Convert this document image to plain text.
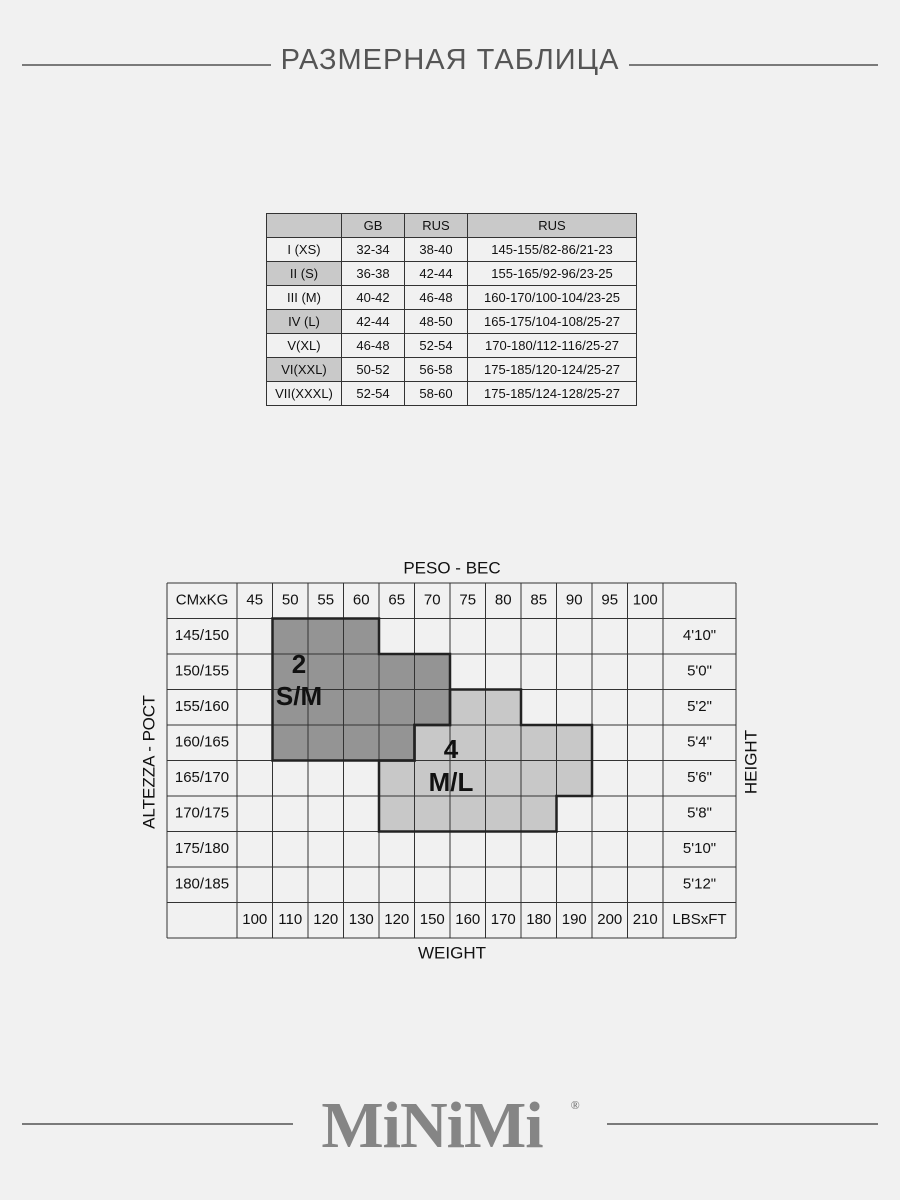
РАЗМЕРНАЯ ТАБЛИЦА
	GB	RUS	RUS
I (XS)	32-34	38-40	145-155/82-86/21-23
II (S)	36-38	42-44	155-165/92-96/23-25
III (M)	40-42	46-48	160-170/100-104/23-25
IV (L)	42-44	48-50	165-175/104-108/25-27
V(XL)	46-48	52-54	170-180/112-116/25-27
VI(XXL)	50-52	56-58	175-185/120-124/25-27
VII(XXXL)	52-54	58-60	175-185/124-128/25-27
CMxKG 45 50 55 60 65 70 75 80 85 90 95 100
145/150	4'10"
150/155	5'0"
155/160	5'2"
160/165	5'4"
165/170	5'6"
170/175	5'8"
175/180	5'10"
180/185	5'12"
100 110 120 130 120 150 160 170 180 190 200 210 LBSxFT
2
S/M
4
M/L
PESO - ВЕС
WEIGHT
ALTEZZA - РОСТ	HEIGHT
MiNiMi ®
